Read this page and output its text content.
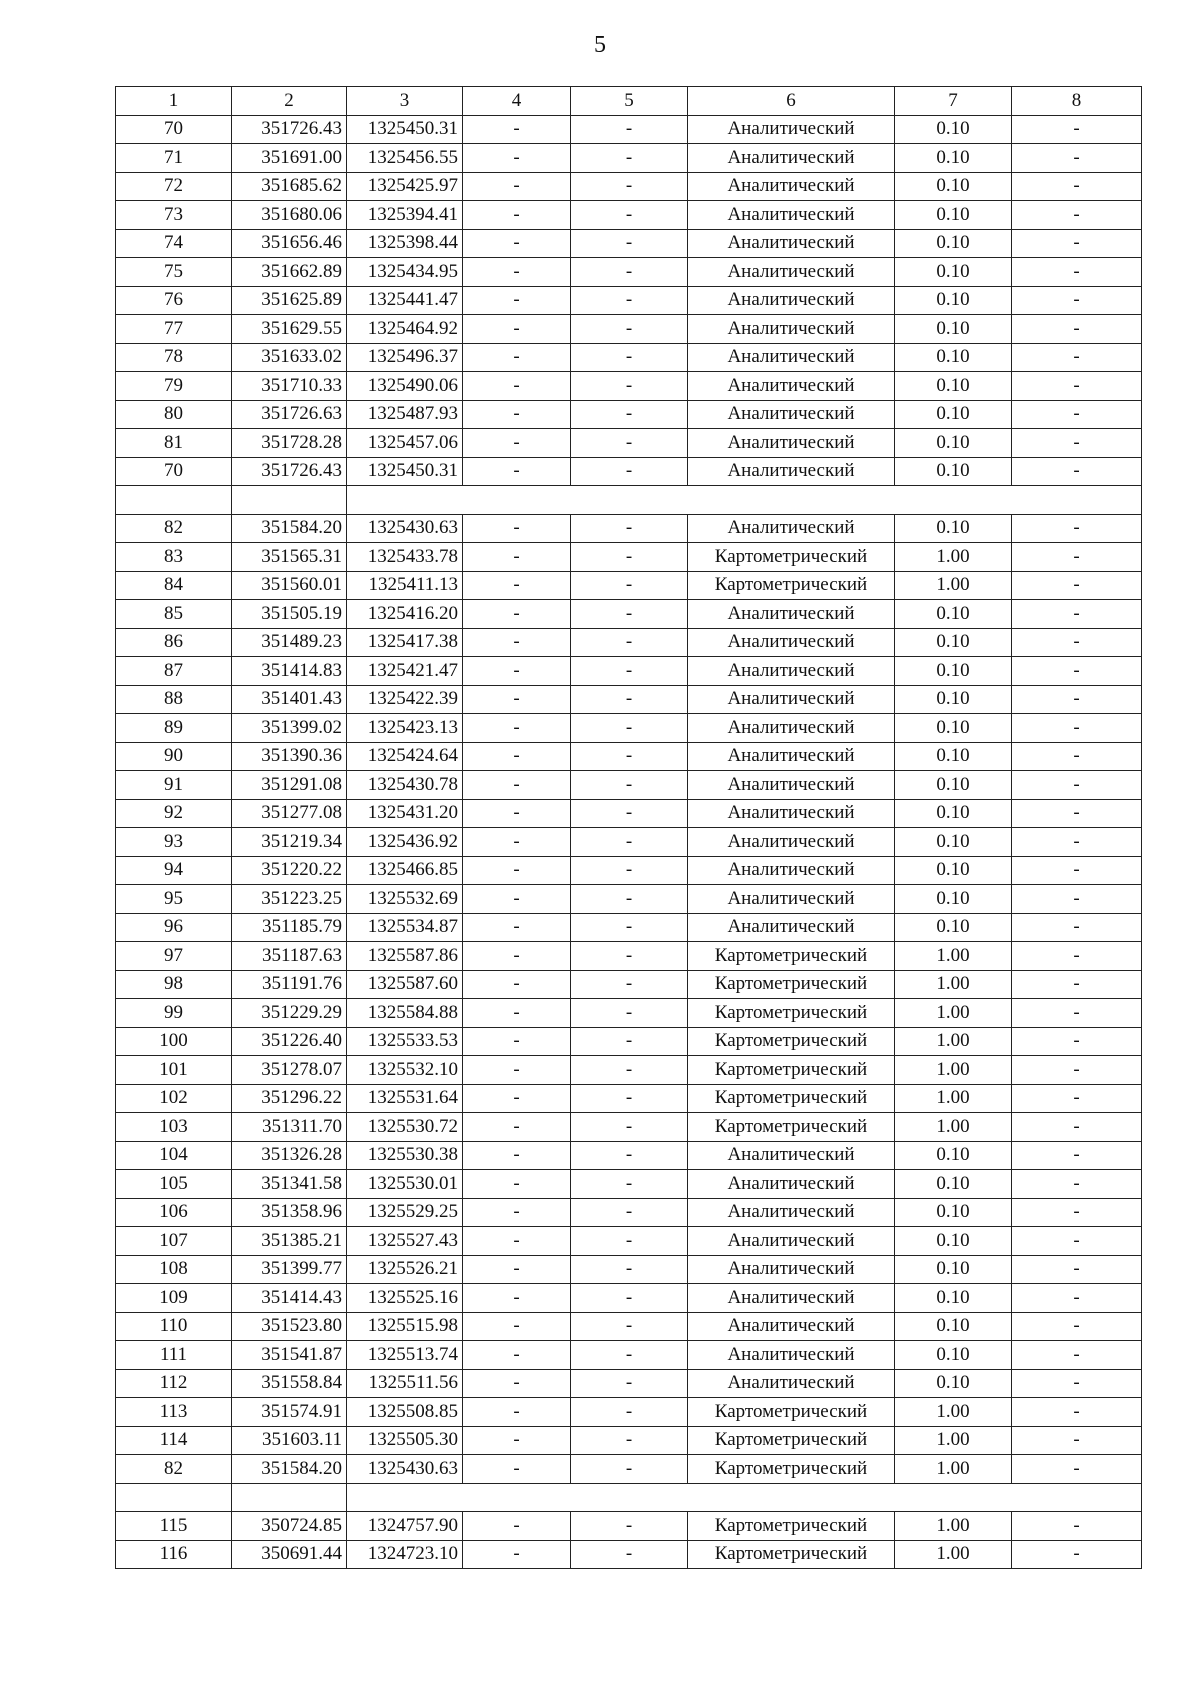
5
1	2	3	4	5	6	7	8
70	351726.43	1325450.31	-	-	Аналитический	0.10	-
71	351691.00	1325456.55	-	-	Аналитический	0.10	-
72	351685.62	1325425.97	-	-	Аналитический	0.10	-
73	351680.06	1325394.41	-	-	Аналитический	0.10	-
74	351656.46	1325398.44	-	-	Аналитический	0.10	-
75	351662.89	1325434.95	-	-	Аналитический	0.10	-
76	351625.89	1325441.47	-	-	Аналитический	0.10	-
77	351629.55	1325464.92	-	-	Аналитический	0.10	-
78	351633.02	1325496.37	-	-	Аналитический	0.10	-
79	351710.33	1325490.06	-	-	Аналитический	0.10	-
80	351726.63	1325487.93	-	-	Аналитический	0.10	-
81	351728.28	1325457.06	-	-	Аналитический	0.10	-
70	351726.43	1325450.31	-	-	Аналитический	0.10	-

82	351584.20	1325430.63	-	-	Аналитический	0.10	-
83	351565.31	1325433.78	-	-	Картометрический	1.00	-
84	351560.01	1325411.13	-	-	Картометрический	1.00	-
85	351505.19	1325416.20	-	-	Аналитический	0.10	-
86	351489.23	1325417.38	-	-	Аналитический	0.10	-
87	351414.83	1325421.47	-	-	Аналитический	0.10	-
88	351401.43	1325422.39	-	-	Аналитический	0.10	-
89	351399.02	1325423.13	-	-	Аналитический	0.10	-
90	351390.36	1325424.64	-	-	Аналитический	0.10	-
91	351291.08	1325430.78	-	-	Аналитический	0.10	-
92	351277.08	1325431.20	-	-	Аналитический	0.10	-
93	351219.34	1325436.92	-	-	Аналитический	0.10	-
94	351220.22	1325466.85	-	-	Аналитический	0.10	-
95	351223.25	1325532.69	-	-	Аналитический	0.10	-
96	351185.79	1325534.87	-	-	Аналитический	0.10	-
97	351187.63	1325587.86	-	-	Картометрический	1.00	-
98	351191.76	1325587.60	-	-	Картометрический	1.00	-
99	351229.29	1325584.88	-	-	Картометрический	1.00	-
100	351226.40	1325533.53	-	-	Картометрический	1.00	-
101	351278.07	1325532.10	-	-	Картометрический	1.00	-
102	351296.22	1325531.64	-	-	Картометрический	1.00	-
103	351311.70	1325530.72	-	-	Картометрический	1.00	-
104	351326.28	1325530.38	-	-	Аналитический	0.10	-
105	351341.58	1325530.01	-	-	Аналитический	0.10	-
106	351358.96	1325529.25	-	-	Аналитический	0.10	-
107	351385.21	1325527.43	-	-	Аналитический	0.10	-
108	351399.77	1325526.21	-	-	Аналитический	0.10	-
109	351414.43	1325525.16	-	-	Аналитический	0.10	-
110	351523.80	1325515.98	-	-	Аналитический	0.10	-
111	351541.87	1325513.74	-	-	Аналитический	0.10	-
112	351558.84	1325511.56	-	-	Аналитический	0.10	-
113	351574.91	1325508.85	-	-	Картометрический	1.00	-
114	351603.11	1325505.30	-	-	Картометрический	1.00	-
82	351584.20	1325430.63	-	-	Картометрический	1.00	-

115	350724.85	1324757.90	-	-	Картометрический	1.00	-
116	350691.44	1324723.10	-	-	Картометрический	1.00	-
